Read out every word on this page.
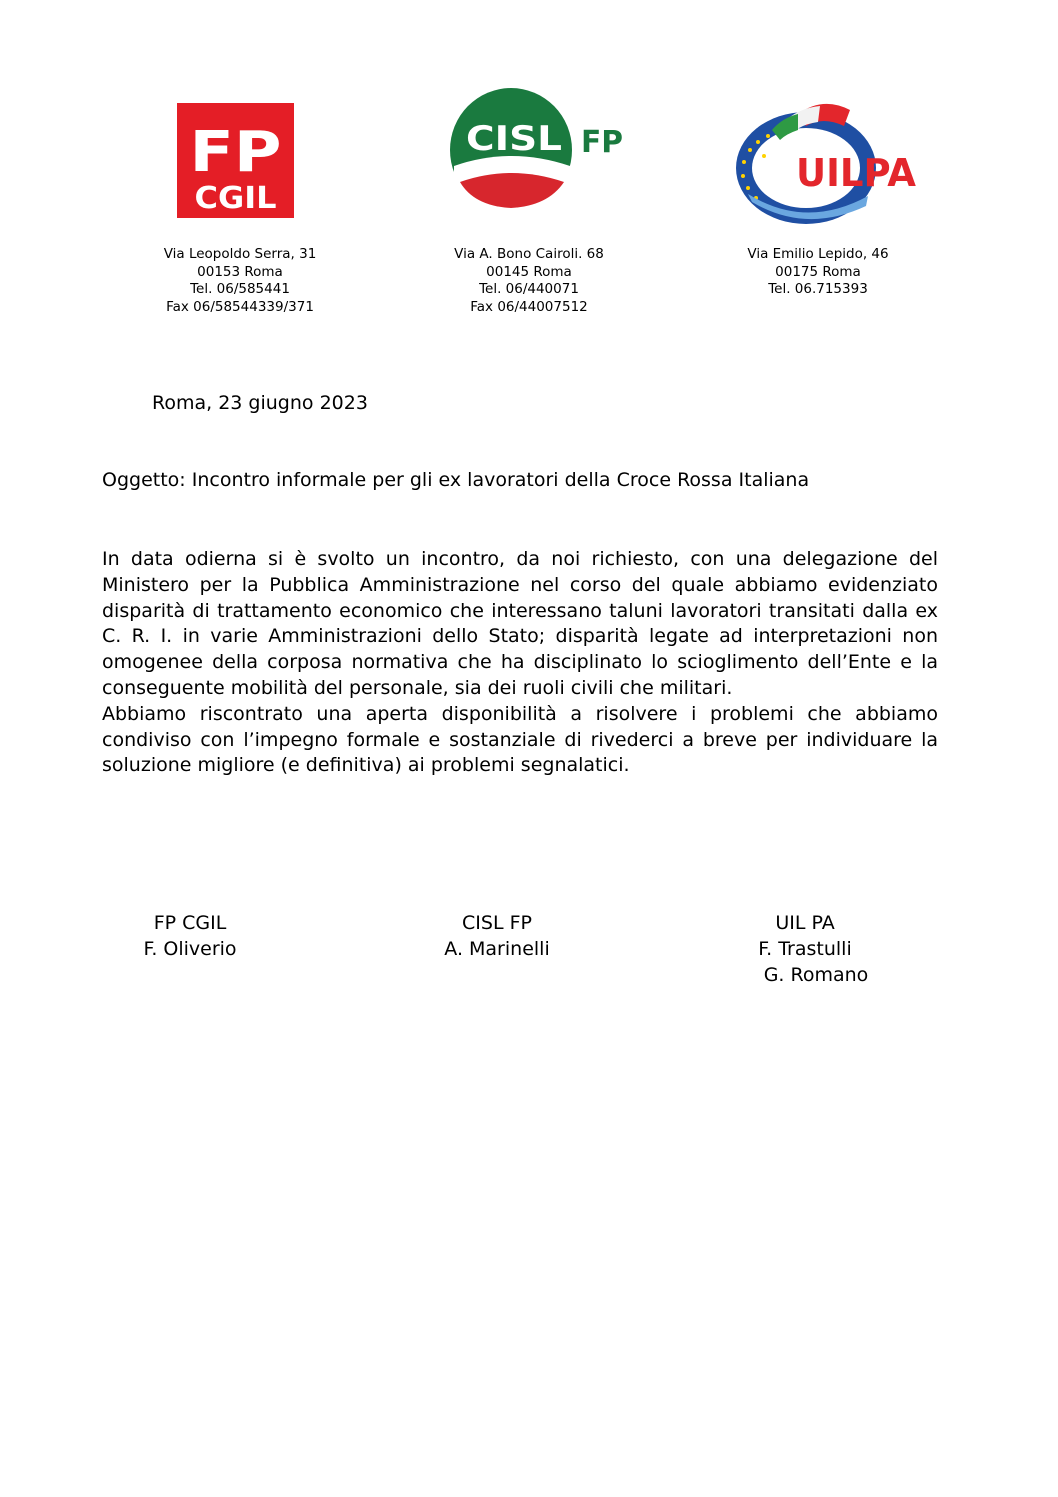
FP
CGIL
CISL FP
UILPA
Via Leopoldo Serra, 31
00153 Roma
Tel. 06/585441
Fax 06/58544339/371
Via A. Bono Cairoli. 68
00145 Roma
Tel. 06/440071
Fax 06/44007512
Via Emilio Lepido, 46
00175 Roma
Tel. 06.715393
Roma, 23 giugno 2023
Oggetto: Incontro informale per gli ex lavoratori della Croce Rossa Italiana

In data odierna si è svolto un incontro, da noi richiesto, con una delegazione del Ministero per la Pubblica Amministrazione nel corso del quale abbiamo evidenziato disparità di trattamento economico che interessano taluni lavoratori transitati dalla ex C. R. I. in varie Amministrazioni dello Stato; disparità legate ad interpretazioni non omogenee della corposa normativa che ha disciplinato lo scioglimento dell’Ente e la conseguente mobilità del personale, sia dei ruoli civili che militari.

Abbiamo riscontrato una aperta disponibilità a risolvere i problemi che abbiamo condiviso con l’impegno formale e sostanziale di rivederci a breve per individuare la soluzione migliore (e definitiva) ai problemi segnalatici.

FP CGIL
F. Oliverio
CISL FP
A. Marinelli
UIL PA
F. Trastulli
G. Romano
